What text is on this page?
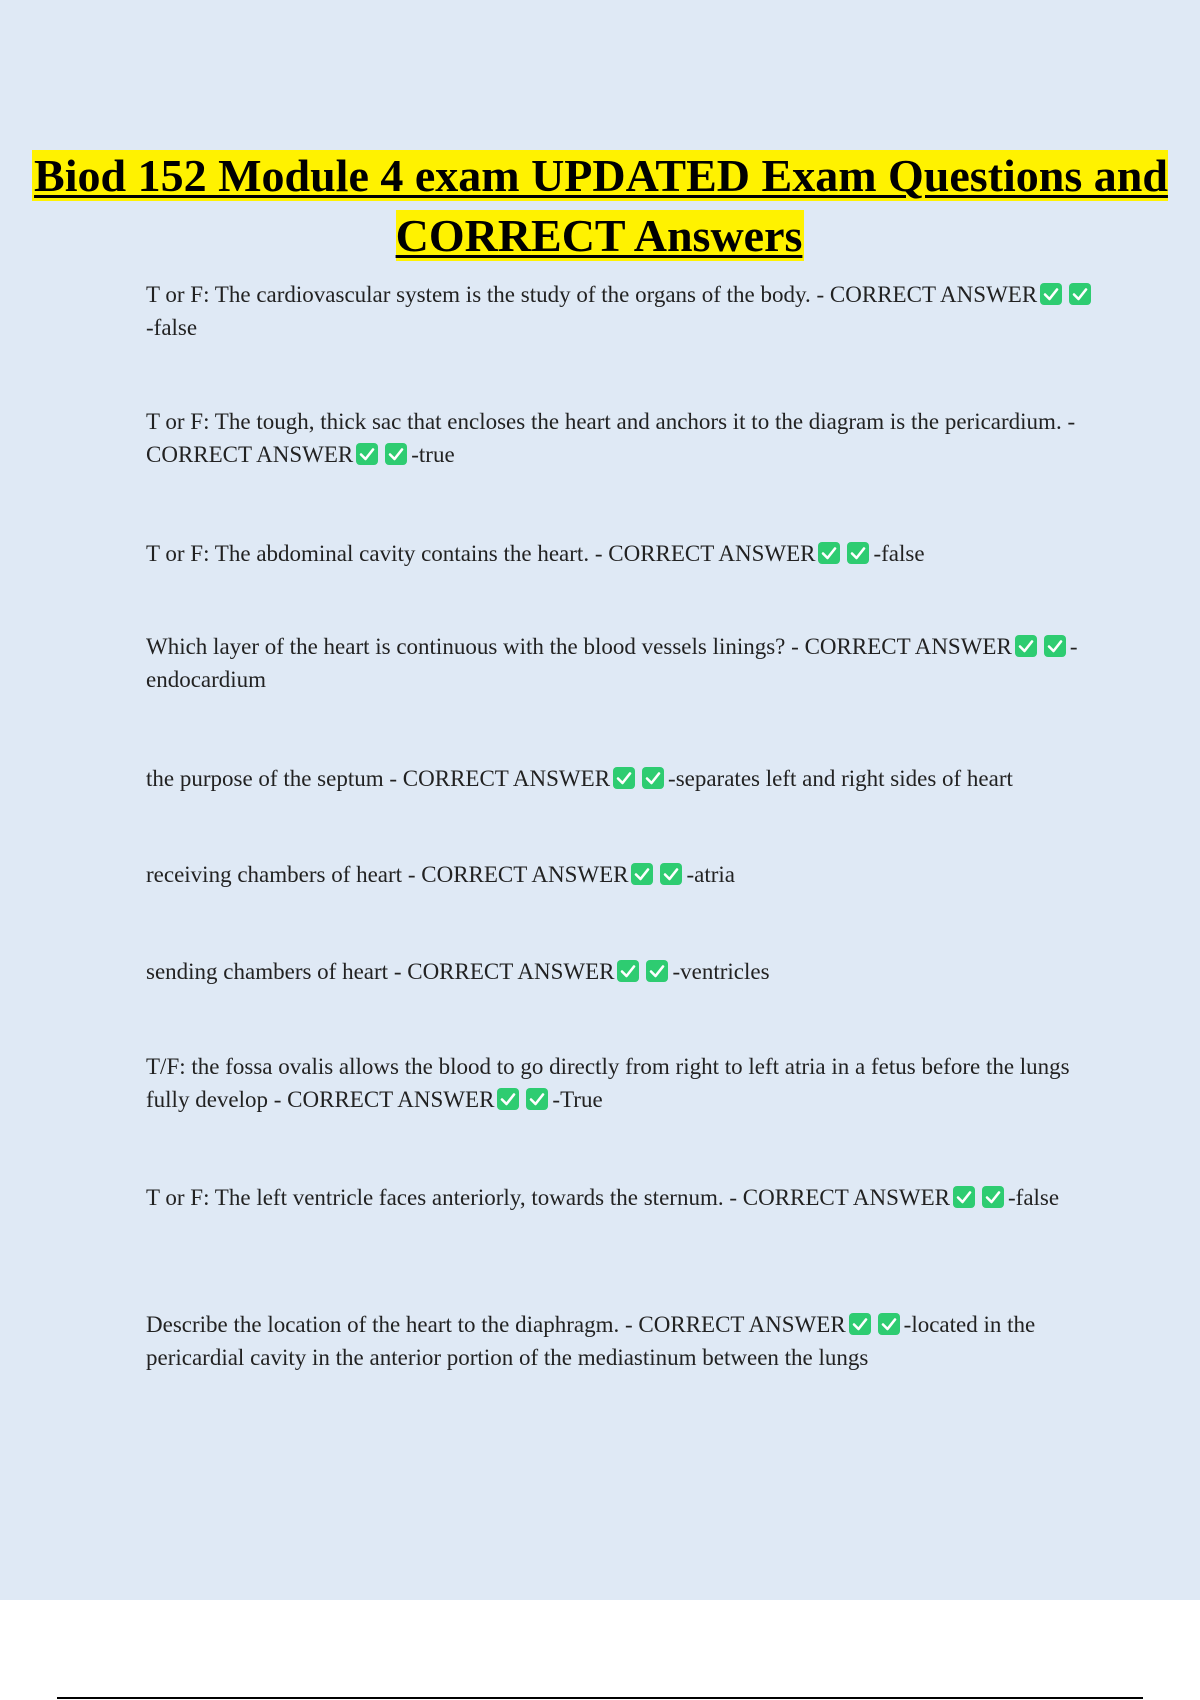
Biod 152 Module 4 exam UPDATED Exam Questions and CORRECT Answers
T or F: The cardiovascular system is the study of the organs of the body. - CORRECT ANSWER
-false
T or F: The tough, thick sac that encloses the heart and anchors it to the diagram is the pericardium. - CORRECT ANSWER	-true
T or F: The abdominal cavity contains the heart. - CORRECT ANSWER	-false
Which layer of the heart is continuous with the blood vessels linings? - CORRECT ANSWER	-endocardium
the purpose of the septum - CORRECT ANSWER	-separates left and right sides of heart
receiving chambers of heart - CORRECT ANSWER	-atria
sending chambers of heart - CORRECT ANSWER	-ventricles
T/F: the fossa ovalis allows the blood to go directly from right to left atria in a fetus before the lungs fully develop - CORRECT ANSWER	-True
T or F: The left ventricle faces anteriorly, towards the sternum. - CORRECT ANSWER	-false
Describe the location of the heart to the diaphragm. - CORRECT ANSWER	-located in the pericardial cavity in the anterior portion of the mediastinum between the lungs
